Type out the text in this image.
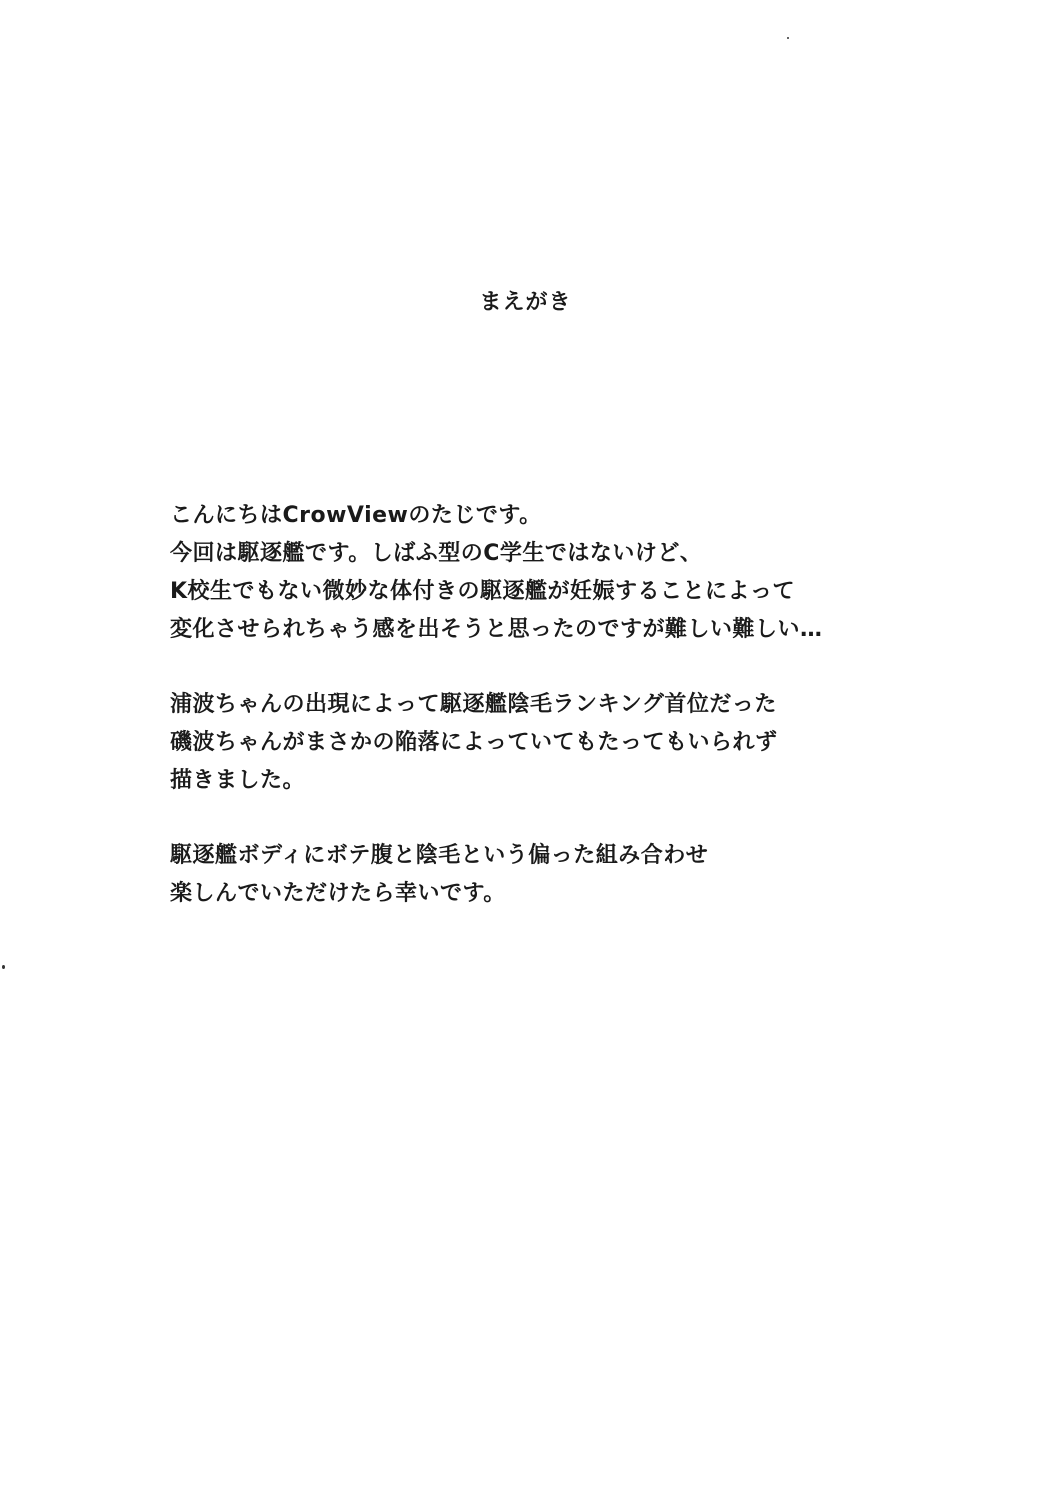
まえがき
こんにちはCrowViewのたじです。
今回は駆逐艦です。しばふ型のC学生ではないけど、
K校生でもない微妙な体付きの駆逐艦が妊娠することによって
変化させられちゃう感を出そうと思ったのですが難しい難しい…
浦波ちゃんの出現によって駆逐艦陰毛ランキング首位だった
磯波ちゃんがまさかの陥落によっていてもたってもいられず
描きました。
駆逐艦ボディにボテ腹と陰毛という偏った組み合わせ
楽しんでいただけたら幸いです。
